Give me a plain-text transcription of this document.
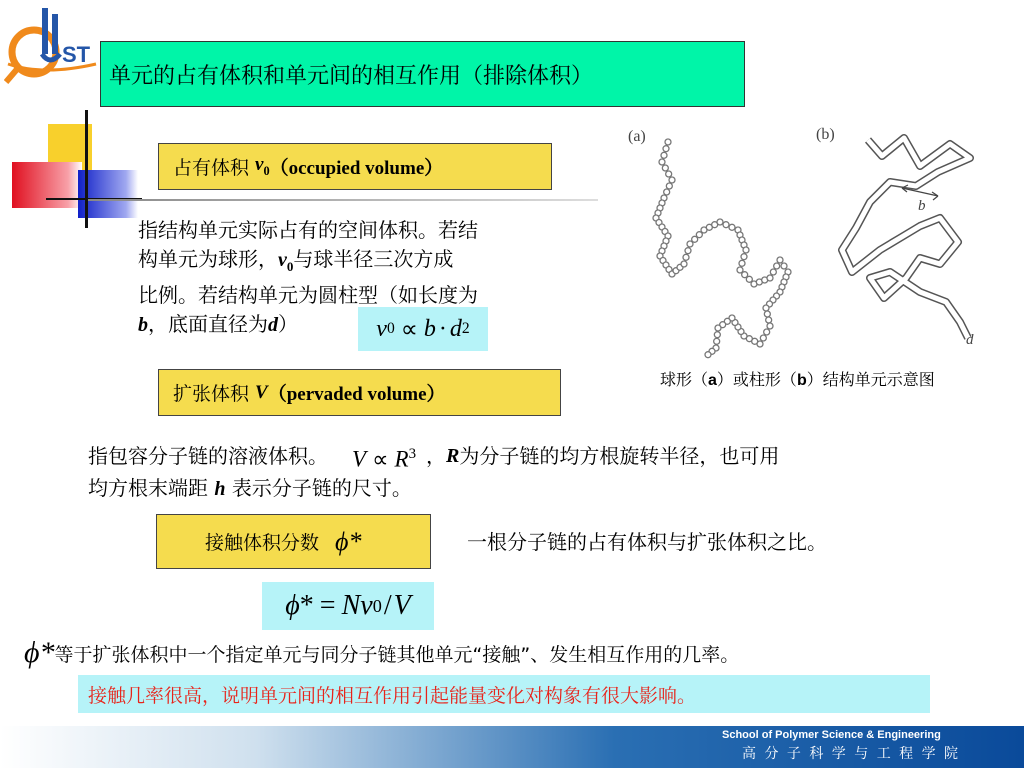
ST
单元的占有体积和单元间的相互作用（排除体积）
占有体积 $v_0$ （occupied volume）
指结构单元实际占有的空间体积。若结
构单元为球形，$v_0$与球半径三次方成
比例。若结构单元为圆柱型（如长度为
b，底面直径为d）	v 0 ∝ b · d 2
(a)	(b)
b
d
球形（a）或柱形（b）结构单元示意图
扩张体积 V （pervaded volume）
指包容分子链的溶液体积。 $V \propto R^3$ ， R 为分子链的均方根旋转半径，也可用
均方根末端距 h 表示分子链的尺寸。
接触体积分数 ϕ*	一根分子链的占有体积与扩张体积之比。
ϕ * = N v 0 / V
ϕ* 等于扩张体积中一个指定单元与同分子链其他单元“接触”、发生相互作用的几率。
接触几率很高，说明单元间的相互作用引起能量变化对构象有很大影响。
School of Polymer Science & Engineering
高 分 子 科 学 与 工 程 学 院
